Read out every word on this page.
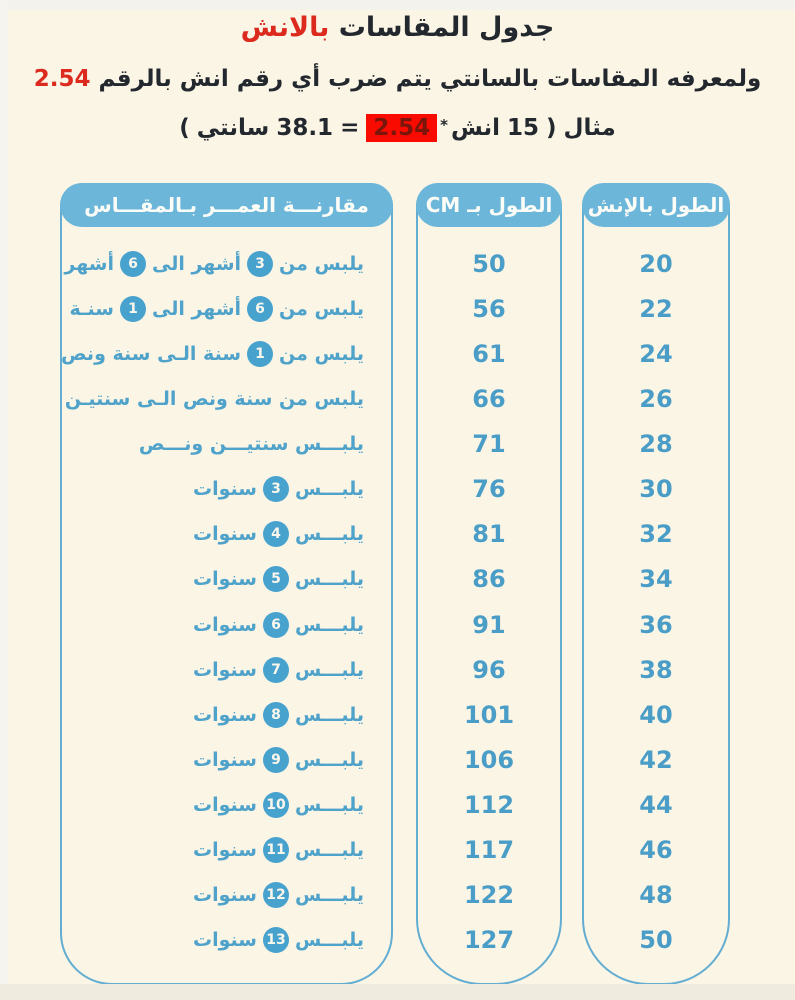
جدول المقاسات بالانش
ولمعرفه المقاسات بالسانتي يتم ضرب أي رقم انش بالرقم 2.54
مثال
(
15
انش
*
2.54
=
38.1
سانتي
)
مقارنـــة العمـــر بـالمقـــاس
يلبس من
3
أشهر الى
6
أشهر
يلبس من
6
أشهر الى
1
سنـة
يلبس من
1
سنة الـى سنة ونص
يلبس من سنة ونص الـى سنتيـن
يلبـــس سنتيـــن ونـــص
يلبـــس
3
سنوات
يلبـــس
4
سنوات
يلبـــس
5
سنوات
يلبـــس
6
سنوات
يلبـــس
7
سنوات
يلبـــس
8
سنوات
يلبـــس
9
سنوات
يلبـــس
10
سنوات
يلبـــس
11
سنوات
يلبـــس
12
سنوات
يلبـــس
13
سنوات
الطول بـ CM
50
56
61
66
71
76
81
86
91
96
101
106
112
117
122
127
الطول بالإنش
20
22
24
26
28
30
32
34
36
38
40
42
44
46
48
50
